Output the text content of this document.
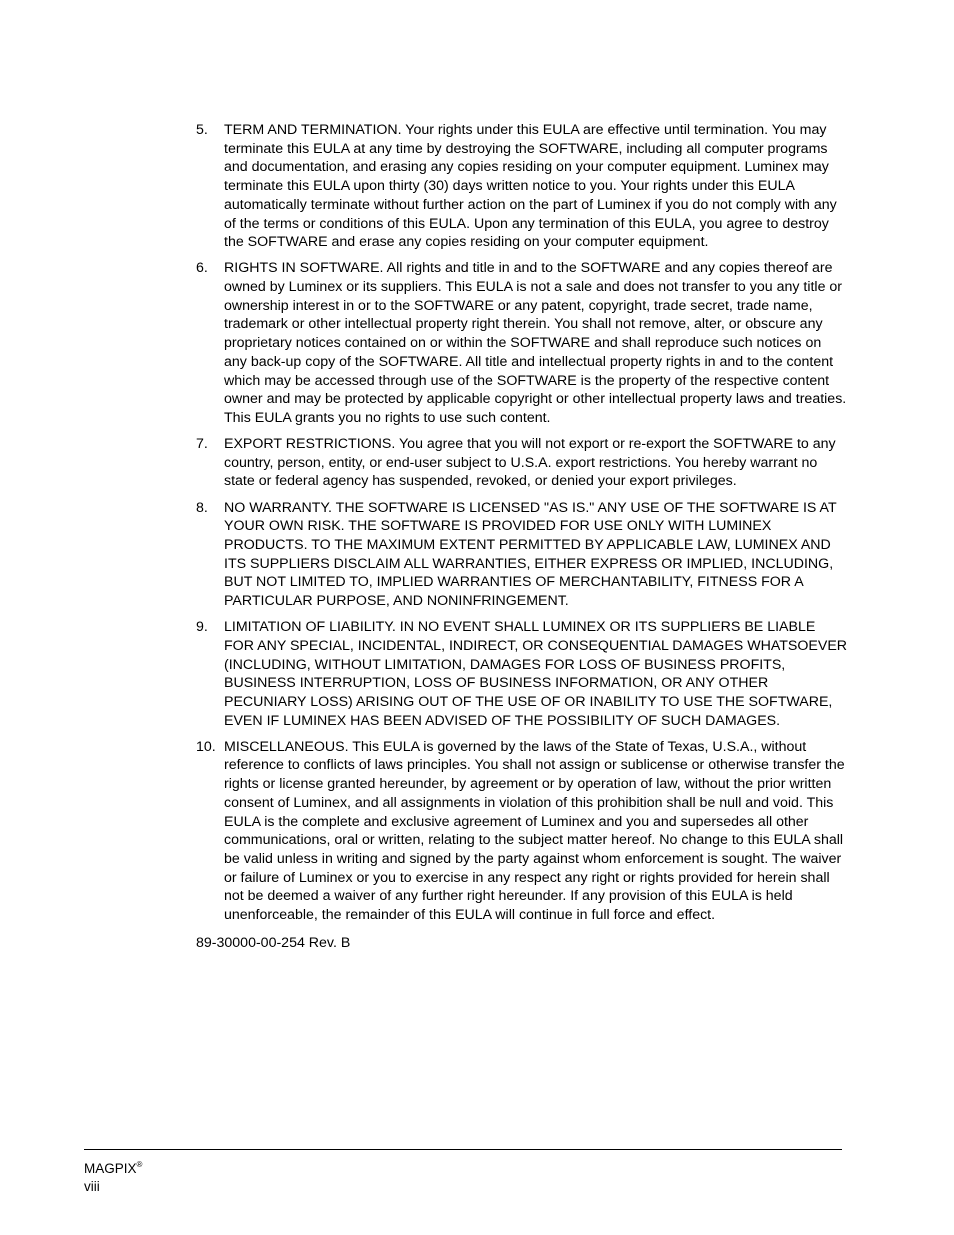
5.	TERM AND TERMINATION. Your rights under this EULA are effective until termination. You may terminate this EULA at any time by destroying the SOFTWARE, including all computer programs and documentation, and erasing any copies residing on your computer equipment. Luminex may terminate this EULA upon thirty (30) days written notice to you. Your rights under this EULA automatically terminate without further action on the part of Luminex if you do not comply with any of the terms or conditions of this EULA. Upon any termination of this EULA, you agree to destroy the SOFTWARE and erase any copies residing on your computer equipment.
6.	RIGHTS IN SOFTWARE. All rights and title in and to the SOFTWARE and any copies thereof are owned by Luminex or its suppliers. This EULA is not a sale and does not transfer to you any title or ownership interest in or to the SOFTWARE or any patent, copyright, trade secret, trade name, trademark or other intellectual property right therein. You shall not remove, alter, or obscure any proprietary notices contained on or within the SOFTWARE and shall reproduce such notices on any back-up copy of the SOFTWARE. All title and intellectual property rights in and to the content which may be accessed through use of the SOFTWARE is the property of the respective content owner and may be protected by applicable copyright or other intellectual property laws and treaties. This EULA grants you no rights to use such content.
7.	EXPORT RESTRICTIONS. You agree that you will not export or re-export the SOFTWARE to any country, person, entity, or end-user subject to U.S.A. export restrictions. You hereby warrant no state or federal agency has suspended, revoked, or denied your export privileges.
8.	NO WARRANTY. THE SOFTWARE IS LICENSED "AS IS." ANY USE OF THE SOFTWARE IS AT YOUR OWN RISK. THE SOFTWARE IS PROVIDED FOR USE ONLY WITH LUMINEX PRODUCTS. TO THE MAXIMUM EXTENT PERMITTED BY APPLICABLE LAW, LUMINEX AND ITS SUPPLIERS DISCLAIM ALL WARRANTIES, EITHER EXPRESS OR IMPLIED, INCLUDING, BUT NOT LIMITED TO, IMPLIED WARRANTIES OF MERCHANTABILITY, FITNESS FOR A PARTICULAR PURPOSE, AND NONINFRINGEMENT.
9.	LIMITATION OF LIABILITY. IN NO EVENT SHALL LUMINEX OR ITS SUPPLIERS BE LIABLE FOR ANY SPECIAL, INCIDENTAL, INDIRECT, OR CONSEQUENTIAL DAMAGES WHATSOEVER (INCLUDING, WITHOUT LIMITATION, DAMAGES FOR LOSS OF BUSINESS PROFITS, BUSINESS INTERRUPTION, LOSS OF BUSINESS INFORMATION, OR ANY OTHER PECUNIARY LOSS) ARISING OUT OF THE USE OF OR INABILITY TO USE THE SOFTWARE, EVEN IF LUMINEX HAS BEEN ADVISED OF THE POSSIBILITY OF SUCH DAMAGES.
10. MISCELLANEOUS. This EULA is governed by the laws of the State of Texas, U.S.A., without reference to conflicts of laws principles. You shall not assign or sublicense or otherwise transfer the rights or license granted hereunder, by agreement or by operation of law, without the prior written consent of Luminex, and all assignments in violation of this prohibition shall be null and void. This EULA is the complete and exclusive agreement of Luminex and you and supersedes all other communications, oral or written, relating to the subject matter hereof. No change to this EULA shall be valid unless in writing and signed by the party against whom enforcement is sought. The waiver or failure of Luminex or you to exercise in any respect any right or rights provided for herein shall not be deemed a waiver of any further right hereunder. If any provision of this EULA is held unenforceable, the remainder of this EULA will continue in full force and effect.
89-30000-00-254 Rev. B
MAGPIX®
viii
